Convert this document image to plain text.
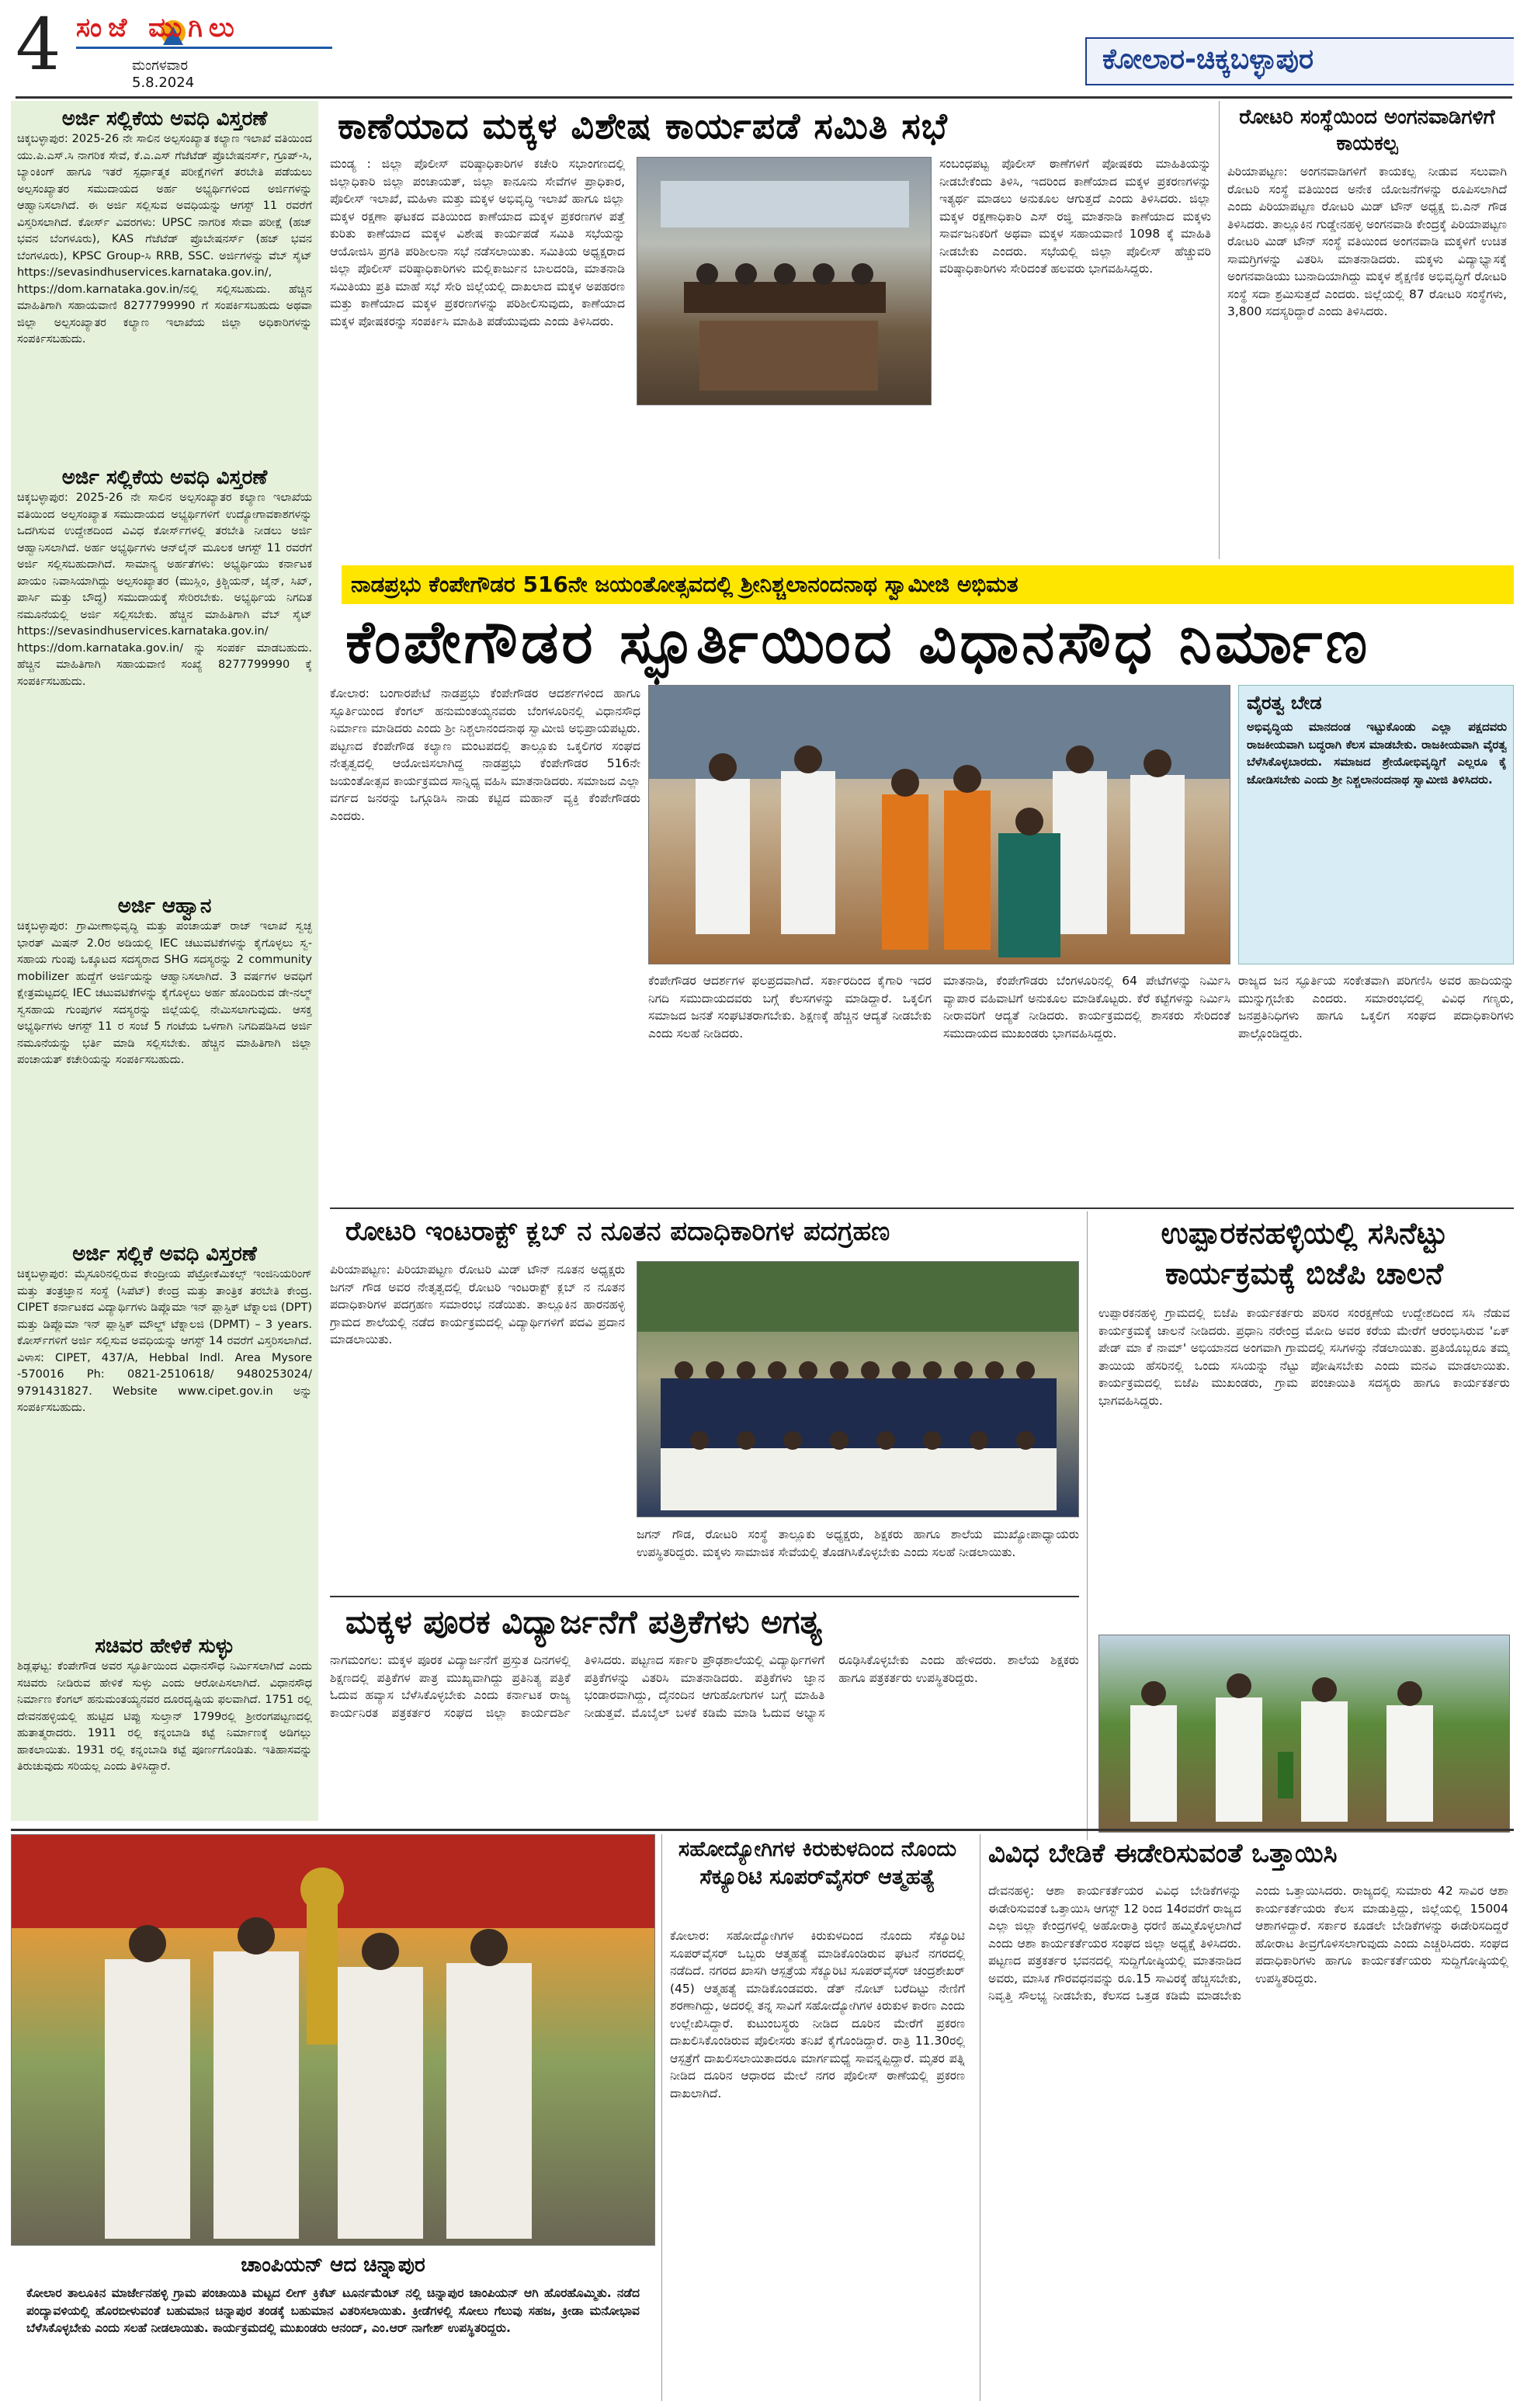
4 ಸಂಜೆ ಮುಗಿಲು
ಮಂಗಳವಾರ
5.8.2024
ಕೋಲಾರ-ಚಿಕ್ಕಬಳ್ಳಾಪುರ
ಅರ್ಜಿ ಸಲ್ಲಿಕೆಯ ಅವಧಿ ವಿಸ್ತರಣೆ
ಚಿಕ್ಕಬಳ್ಳಾಪುರ: 2025-26 ನೇ ಸಾಲಿನ ಅಲ್ಪಸಂಖ್ಯಾತ ಕಲ್ಯಾಣ ಇಲಾಖೆ ವತಿಯಿಂದ ಯು.ಪಿ.ಎಸ್.ಸಿ ನಾಗರಿಕ ಸೇವೆ, ಕೆ.ಎ.ಎಸ್ ಗೆಜೆಟೆಡ್ ಪ್ರೊಬೇಷನರ್ಸ್, ಗ್ರೂಪ್-ಸಿ, ಬ್ಯಾಂಕಿಂಗ್ ಹಾಗೂ ಇತರೆ ಸ್ಪರ್ಧಾತ್ಮಕ ಪರೀಕ್ಷೆಗಳಿಗೆ ತರಬೇತಿ ಪಡೆಯಲು ಅಲ್ಪಸಂಖ್ಯಾತರ ಸಮುದಾಯದ ಅರ್ಹ ಅಭ್ಯರ್ಥಿಗಳಿಂದ ಅರ್ಜಿಗಳನ್ನು ಆಹ್ವಾನಿಸಲಾಗಿದೆ. ಈ ಅರ್ಜಿ ಸಲ್ಲಿಸುವ ಅವಧಿಯನ್ನು ಆಗಸ್ಟ್ 11 ರವರೆಗೆ ವಿಸ್ತರಿಸಲಾಗಿದೆ. ಕೋರ್ಸ್ ವಿವರಗಳು: UPSC ನಾಗರಿಕ ಸೇವಾ ಪರೀಕ್ಷೆ (ಹಜ್ ಭವನ ಬೆಂಗಳೂರು), KAS ಗೆಜೆಟೆಡ್ ಪ್ರೊಬೇಷನರ್ಸ್ (ಹಜ್ ಭವನ ಬೆಂಗಳೂರು), KPSC Group-ಸಿ RRB, SSC. ಅರ್ಜಿಗಳನ್ನು ವೆಬ್ ಸೈಟ್ https://sevasindhuservices.karnataka.gov.in/, https://dom.karnataka.gov.in/ನಲ್ಲಿ ಸಲ್ಲಿಸಬಹುದು. ಹೆಚ್ಚಿನ ಮಾಹಿತಿಗಾಗಿ ಸಹಾಯವಾಣಿ 8277799990 ಗೆ ಸಂಪರ್ಕಿಸಬಹುದು ಅಥವಾ ಜಿಲ್ಲಾ ಅಲ್ಪಸಂಖ್ಯಾತರ ಕಲ್ಯಾಣ ಇಲಾಖೆಯ ಜಿಲ್ಲಾ ಅಧಿಕಾರಿಗಳನ್ನು ಸಂಪರ್ಕಿಸಬಹುದು.
ಅರ್ಜಿ ಸಲ್ಲಿಕೆಯ ಅವಧಿ ವಿಸ್ತರಣೆ
ಚಿಕ್ಕಬಳ್ಳಾಪುರ: 2025-26 ನೇ ಸಾಲಿನ ಅಲ್ಪಸಂಖ್ಯಾತರ ಕಲ್ಯಾಣ ಇಲಾಖೆಯ ವತಿಯಿಂದ ಅಲ್ಪಸಂಖ್ಯಾತ ಸಮುದಾಯದ ಅಭ್ಯರ್ಥಿಗಳಿಗೆ ಉದ್ಯೋಗಾವಕಾಶಗಳನ್ನು ಒದಗಿಸುವ ಉದ್ದೇಶದಿಂದ ವಿವಿಧ ಕೋರ್ಸ್‌ಗಳಲ್ಲಿ ತರಬೇತಿ ನೀಡಲು ಅರ್ಜಿ ಆಹ್ವಾನಿಸಲಾಗಿದೆ. ಅರ್ಹ ಅಭ್ಯರ್ಥಿಗಳು ಆನ್‌ಲೈನ್ ಮೂಲಕ ಆಗಸ್ಟ್ 11 ರವರೆಗೆ ಅರ್ಜಿ ಸಲ್ಲಿಸಬಹುದಾಗಿದೆ. ಸಾಮಾನ್ಯ ಅರ್ಹತೆಗಳು: ಅಭ್ಯರ್ಥಿಯು ಕರ್ನಾಟಕ ಖಾಯಂ ನಿವಾಸಿಯಾಗಿದ್ದು ಅಲ್ಪಸಂಖ್ಯಾತರ (ಮುಸ್ಲಿಂ, ಕ್ರಿಶ್ಚಿಯನ್, ಜೈನ್, ಸಿಖ್, ಪಾರ್ಸಿ ಮತ್ತು ಬೌದ್ಧ) ಸಮುದಾಯಕ್ಕೆ ಸೇರಿರಬೇಕು. ಅಭ್ಯರ್ಥಿಯ ನಿಗದಿತ ನಮೂನೆಯಲ್ಲಿ ಅರ್ಜಿ ಸಲ್ಲಿಸಬೇಕು. ಹೆಚ್ಚಿನ ಮಾಹಿತಿಗಾಗಿ ವೆಬ್ ಸೈಟ್ https://sevasindhuservices.karnataka.gov.in/ https://dom.karnataka.gov.in/ ನ್ನು ಸಂಪರ್ಕ ಮಾಡಬಹುದು. ಹೆಚ್ಚಿನ ಮಾಹಿತಿಗಾಗಿ ಸಹಾಯವಾಣಿ ಸಂಖ್ಯೆ 8277799990 ಕ್ಕೆ ಸಂಪರ್ಕಿಸಬಹುದು.
ಅರ್ಜಿ ಆಹ್ವಾನ
ಚಿಕ್ಕಬಳ್ಳಾಪುರ: ಗ್ರಾಮೀಣಾಭಿವೃದ್ಧಿ ಮತ್ತು ಪಂಚಾಯತ್ ರಾಜ್ ಇಲಾಖೆ ಸ್ವಚ್ಛ ಭಾರತ್ ಮಿಷನ್ 2.0ರ ಅಡಿಯಲ್ಲಿ IEC ಚಟುವಟಿಕೆಗಳನ್ನು ಕೈಗೊಳ್ಳಲು ಸ್ವ-ಸಹಾಯ ಗುಂಪು ಒಕ್ಕೂಟದ ಸದಸ್ಯರಾದ SHG ಸದಸ್ಯರನ್ನು 2 community mobilizer ಹುದ್ದೆಗೆ ಅರ್ಜಿಯನ್ನು ಆಹ್ವಾನಿಸಲಾಗಿದೆ. 3 ವರ್ಷಗಳ ಅವಧಿಗೆ ಕ್ಷೇತ್ರಮಟ್ಟದಲ್ಲಿ IEC ಚಟುವಟಿಕೆಗಳನ್ನು ಕೈಗೊಳ್ಳಲು ಅರ್ಹ ಹೊಂದಿರುವ ಡೇ-ನಲ್ಮ್ ಸ್ವಸಹಾಯ ಗುಂಪುಗಳ ಸದಸ್ಯರನ್ನು ಜಿಲ್ಲೆಯಲ್ಲಿ ನೇಮಿಸಲಾಗುವುದು. ಆಸಕ್ತ ಅಭ್ಯರ್ಥಿಗಳು ಆಗಸ್ಟ್ 11 ರ ಸಂಜೆ 5 ಗಂಟೆಯ ಒಳಗಾಗಿ ನಿಗದಿಪಡಿಸಿದ ಅರ್ಜಿ ನಮೂನೆಯನ್ನು ಭರ್ತಿ ಮಾಡಿ ಸಲ್ಲಿಸಬೇಕು. ಹೆಚ್ಚಿನ ಮಾಹಿತಿಗಾಗಿ ಜಿಲ್ಲಾ ಪಂಚಾಯತ್ ಕಚೇರಿಯನ್ನು ಸಂಪರ್ಕಿಸಬಹುದು.
ಅರ್ಜಿ ಸಲ್ಲಿಕೆ ಅವಧಿ ವಿಸ್ತರಣೆ
ಚಿಕ್ಕಬಳ್ಳಾಪುರ: ಮೈಸೂರಿನಲ್ಲಿರುವ ಕೇಂದ್ರೀಯ ಪೆಟ್ರೋಕೆಮಿಕಲ್ಸ್ ಇಂಜಿನಿಯರಿಂಗ್ ಮತ್ತು ತಂತ್ರಜ್ಞಾನ ಸಂಸ್ಥೆ (ಸಿಪೆಟ್) ಕೇಂದ್ರ ಮತ್ತು ತಾಂತ್ರಿಕ ತರಬೇತಿ ಕೇಂದ್ರ. CIPET ಕರ್ನಾಟಕದ ವಿದ್ಯಾರ್ಥಿಗಳು ಡಿಪ್ಲೊಮಾ ಇನ್ ಪ್ಲಾಸ್ಟಿಕ್ ಟೆಕ್ನಾಲಜಿ (DPT) ಮತ್ತು ಡಿಪ್ಲೊಮಾ ಇನ್ ಪ್ಲಾಸ್ಟಿಕ್ ಮೌಲ್ಡ್ ಟೆಕ್ನಾಲಜಿ (DPMT) – 3 years. ಕೋರ್ಸ್‌ಗಳಿಗೆ ಅರ್ಜಿ ಸಲ್ಲಿಸುವ ಅವಧಿಯನ್ನು ಆಗಸ್ಟ್ 14 ರವರೆಗೆ ವಿಸ್ತರಿಸಲಾಗಿದೆ. ವಿಳಾಸ: CIPET, 437/A, Hebbal Indl. Area Mysore -570016 Ph: 0821-2510618/ 9480253024/ 9791431827. Website www.cipet.gov.in ಅನ್ನು ಸಂಪರ್ಕಿಸಬಹುದು.
ಸಚಿವರ ಹೇಳಿಕೆ ಸುಳ್ಳು
ಶಿಡ್ಲಘಟ್ಟ: ಕೆಂಪೇಗೌಡ ಅವರ ಸ್ಫೂರ್ತಿಯಿಂದ ವಿಧಾನಸೌಧ ನಿರ್ಮಿಸಲಾಗಿದೆ ಎಂದು ಸಚಿವರು ನೀಡಿರುವ ಹೇಳಿಕೆ ಸುಳ್ಳು ಎಂದು ಆರೋಪಿಸಲಾಗಿದೆ. ವಿಧಾನಸೌಧ ನಿರ್ಮಾಣ ಕೆಂಗಲ್ ಹನುಮಂತಯ್ಯನವರ ದೂರದೃಷ್ಟಿಯ ಫಲವಾಗಿದೆ. 1751 ರಲ್ಲಿ ದೇವನಹಳ್ಳಿಯಲ್ಲಿ ಹುಟ್ಟಿದ ಟಿಪ್ಪು ಸುಲ್ತಾನ್ 1799ರಲ್ಲಿ ಶ್ರೀರಂಗಪಟ್ಟಣದಲ್ಲಿ ಹುತಾತ್ಮರಾದರು. 1911 ರಲ್ಲಿ ಕನ್ನಂಬಾಡಿ ಕಟ್ಟೆ ನಿರ್ಮಾಣಕ್ಕೆ ಅಡಿಗಲ್ಲು ಹಾಕಲಾಯಿತು. 1931 ರಲ್ಲಿ ಕನ್ನಂಬಾಡಿ ಕಟ್ಟೆ ಪೂರ್ಣಗೊಂಡಿತು. ಇತಿಹಾಸವನ್ನು ತಿರುಚುವುದು ಸರಿಯಲ್ಲ ಎಂದು ತಿಳಿಸಿದ್ದಾರೆ.
ಕಾಣೆಯಾದ ಮಕ್ಕಳ ವಿಶೇಷ ಕಾರ್ಯಪಡೆ ಸಮಿತಿ ಸಭೆ
ಮಂಡ್ಯ : ಜಿಲ್ಲಾ ಪೊಲೀಸ್ ವರಿಷ್ಠಾಧಿಕಾರಿಗಳ ಕಚೇರಿ ಸಭಾಂಗಣದಲ್ಲಿ ಜಿಲ್ಲಾಧಿಕಾರಿ ಜಿಲ್ಲಾ ಪಂಚಾಯತ್, ಜಿಲ್ಲಾ ಕಾನೂನು ಸೇವೆಗಳ ಪ್ರಾಧಿಕಾರ, ಪೊಲೀಸ್ ಇಲಾಖೆ, ಮಹಿಳಾ ಮತ್ತು ಮಕ್ಕಳ ಅಭಿವೃದ್ಧಿ ಇಲಾಖೆ ಹಾಗೂ ಜಿಲ್ಲಾ ಮಕ್ಕಳ ರಕ್ಷಣಾ ಘಟಕದ ವತಿಯಿಂದ ಕಾಣೆಯಾದ ಮಕ್ಕಳ ಪ್ರಕರಣಗಳ ಪತ್ತೆ ಕುರಿತು ಕಾಣೆಯಾದ ಮಕ್ಕಳ ವಿಶೇಷ ಕಾರ್ಯಪಡೆ ಸಮಿತಿ ಸಭೆಯನ್ನು ಆಯೋಜಿಸಿ ಪ್ರಗತಿ ಪರಿಶೀಲನಾ ಸಭೆ ನಡೆಸಲಾಯಿತು. ಸಮಿತಿಯ ಅಧ್ಯಕ್ಷರಾದ ಜಿಲ್ಲಾ ಪೊಲೀಸ್ ವರಿಷ್ಠಾಧಿಕಾರಿಗಳು ಮಲ್ಲಿಕಾರ್ಜುನ ಬಾಲದಂಡಿ, ಮಾತನಾಡಿ ಸಮಿತಿಯು ಪ್ರತಿ ಮಾಹೆ ಸಭೆ ಸೇರಿ ಜಿಲ್ಲೆಯಲ್ಲಿ ದಾಖಲಾದ ಮಕ್ಕಳ ಅಪಹರಣ ಮತ್ತು ಕಾಣೆಯಾದ ಮಕ್ಕಳ ಪ್ರಕರಣಗಳನ್ನು ಪರಿಶೀಲಿಸುವುದು, ಕಾಣೆಯಾದ ಮಕ್ಕಳ ಪೋಷಕರನ್ನು ಸಂಪರ್ಕಿಸಿ ಮಾಹಿತಿ ಪಡೆಯುವುದು ಎಂದು ತಿಳಿಸಿದರು.
ಸಂಬಂಧಪಟ್ಟ ಪೊಲೀಸ್ ಠಾಣೆಗಳಿಗೆ ಪೋಷಕರು ಮಾಹಿತಿಯನ್ನು ನೀಡಬೇಕೆಂದು ತಿಳಿಸಿ, ಇದರಿಂದ ಕಾಣೆಯಾದ ಮಕ್ಕಳ ಪ್ರಕರಣಗಳನ್ನು ಇತ್ಯರ್ಥ ಮಾಡಲು ಅನುಕೂಲ ಆಗುತ್ತದೆ ಎಂದು ತಿಳಿಸಿದರು. ಜಿಲ್ಲಾ ಮಕ್ಕಳ ರಕ್ಷಣಾಧಿಕಾರಿ ಎಸ್ ರಜ್ಞಿ ಮಾತನಾಡಿ ಕಾಣೆಯಾದ ಮಕ್ಕಳು ಸಾರ್ವಜನಿಕರಿಗೆ ಅಥವಾ ಮಕ್ಕಳ ಸಹಾಯವಾಣಿ 1098 ಕ್ಕೆ ಮಾಹಿತಿ ನೀಡಬೇಕು ಎಂದರು. ಸಭೆಯಲ್ಲಿ ಜಿಲ್ಲಾ ಪೊಲೀಸ್ ಹೆಚ್ಚುವರಿ ವರಿಷ್ಠಾಧಿಕಾರಿಗಳು ಸೇರಿದಂತೆ ಹಲವರು ಭಾಗವಹಿಸಿದ್ದರು.
ರೋಟರಿ ಸಂಸ್ಥೆಯಿಂದ ಅಂಗನವಾಡಿಗಳಿಗೆ ಕಾಯಕಲ್ಪ
ಪಿರಿಯಾಪಟ್ಟಣ: ಅಂಗನವಾಡಿಗಳಿಗೆ ಕಾಯಕಲ್ಪ ನೀಡುವ ಸಲುವಾಗಿ ರೋಟರಿ ಸಂಸ್ಥೆ ವತಿಯಿಂದ ಅನೇಕ ಯೋಜನೆಗಳನ್ನು ರೂಪಿಸಲಾಗಿದೆ ಎಂದು ಪಿರಿಯಾಪಟ್ಟಣ ರೋಟರಿ ಮಿಡ್ ಟೌನ್ ಅಧ್ಯಕ್ಷ ಬಿ.ಎನ್ ಗೌಡ ತಿಳಿಸಿದರು. ತಾಲ್ಲೂಕಿನ ಗುಡ್ಡೇನಹಳ್ಳಿ ಅಂಗನವಾಡಿ ಕೇಂದ್ರಕ್ಕೆ ಪಿರಿಯಾಪಟ್ಟಣ ರೋಟರಿ ಮಿಡ್ ಟೌನ್ ಸಂಸ್ಥೆ ವತಿಯಿಂದ ಅಂಗನವಾಡಿ ಮಕ್ಕಳಿಗೆ ಉಚಿತ ಸಾಮಗ್ರಿಗಳನ್ನು ವಿತರಿಸಿ ಮಾತನಾಡಿದರು. ಮಕ್ಕಳು ವಿದ್ಯಾಭ್ಯಾಸಕ್ಕೆ ಅಂಗನವಾಡಿಯು ಬುನಾದಿಯಾಗಿದ್ದು ಮಕ್ಕಳ ಶೈಕ್ಷಣಿಕ ಅಭಿವೃದ್ಧಿಗೆ ರೋಟರಿ ಸಂಸ್ಥೆ ಸದಾ ಶ್ರಮಿಸುತ್ತದೆ ಎಂದರು. ಜಿಲ್ಲೆಯಲ್ಲಿ 87 ರೋಟರಿ ಸಂಸ್ಥೆಗಳು, 3,800 ಸದಸ್ಯರಿದ್ದಾರೆ ಎಂದು ತಿಳಿಸಿದರು.
ನಾಡಪ್ರಭು ಕೆಂಪೇಗೌಡರ 516ನೇ ಜಯಂತೋತ್ಸವದಲ್ಲಿ ಶ್ರೀನಿಶ್ಚಲಾನಂದನಾಥ ಸ್ವಾಮೀಜಿ ಅಭಿಮತ
ಕೆಂಪೇಗೌಡರ ಸ್ಫೂರ್ತಿಯಿಂದ ವಿಧಾನಸೌಧ ನಿರ್ಮಾಣ
ಕೋಲಾರ: ಬಂಗಾರಪೇಟೆ ನಾಡಪ್ರಭು ಕೆಂಪೇಗೌಡರ ಆದರ್ಶಗಳಿಂದ ಹಾಗೂ ಸ್ಫೂರ್ತಿಯಿಂದ ಕೆಂಗಲ್ ಹನುಮಂತಯ್ಯನವರು ಬೆಂಗಳೂರಿನಲ್ಲಿ ವಿಧಾನಸೌಧ ನಿರ್ಮಾಣ ಮಾಡಿದರು ಎಂದು ಶ್ರೀ ನಿಶ್ಚಲಾನಂದನಾಥ ಸ್ವಾಮೀಜಿ ಅಭಿಪ್ರಾಯಪಟ್ಟರು. ಪಟ್ಟಣದ ಕೆಂಪೇಗೌಡ ಕಲ್ಯಾಣ ಮಂಟಪದಲ್ಲಿ ತಾಲ್ಲೂಕು ಒಕ್ಕಲಿಗರ ಸಂಘದ ನೇತೃತ್ವದಲ್ಲಿ ಆಯೋಜಿಸಲಾಗಿದ್ದ ನಾಡಪ್ರಭು ಕೆಂಪೇಗೌಡರ 516ನೇ ಜಯಂತೋತ್ಸವ ಕಾರ್ಯಕ್ರಮದ ಸಾನ್ನಿಧ್ಯ ವಹಿಸಿ ಮಾತನಾಡಿದರು. ಸಮಾಜದ ಎಲ್ಲಾ ವರ್ಗದ ಜನರನ್ನು ಒಗ್ಗೂಡಿಸಿ ನಾಡು ಕಟ್ಟಿದ ಮಹಾನ್ ವ್ಯಕ್ತಿ ಕೆಂಪೇಗೌಡರು ಎಂದರು.
ವೈರತ್ವ ಬೇಡ
ಅಭಿವೃದ್ಧಿಯ ಮಾನದಂಡ ಇಟ್ಟುಕೊಂಡು ಎಲ್ಲಾ ಪಕ್ಷದವರು ರಾಜಕೀಯವಾಗಿ ಬದ್ಧರಾಗಿ ಕೆಲಸ ಮಾಡಬೇಕು. ರಾಜಕೀಯವಾಗಿ ವೈರತ್ವ ಬೆಳೆಸಿಕೊಳ್ಳಬಾರದು. ಸಮಾಜದ ಶ್ರೇಯೋಭಿವೃದ್ಧಿಗೆ ಎಲ್ಲರೂ ಕೈ ಜೋಡಿಸಬೇಕು ಎಂದು ಶ್ರೀ ನಿಶ್ಚಲಾನಂದನಾಥ ಸ್ವಾಮೀಜಿ ತಿಳಿಸಿದರು.
ಕೆಂಪೇಗೌಡರ ಆದರ್ಶಗಳ ಫಲಪ್ರದವಾಗಿದೆ. ಸರ್ಕಾರದಿಂದ ಕೈಗಾರಿ ಇದರ ನಿಗದಿ ಸಮುದಾಯದವರು ಬಗ್ಗೆ ಕೆಲಸಗಳನ್ನು ಮಾಡಿದ್ದಾರೆ. ಒಕ್ಕಲಿಗ ಸಮಾಜದ ಜನತೆ ಸಂಘಟಿತರಾಗಬೇಕು. ಶಿಕ್ಷಣಕ್ಕೆ ಹೆಚ್ಚಿನ ಆದ್ಯತೆ ನೀಡಬೇಕು ಎಂದು ಸಲಹೆ ನೀಡಿದರು.
ಮಾತನಾಡಿ, ಕೆಂಪೇಗೌಡರು ಬೆಂಗಳೂರಿನಲ್ಲಿ 64 ಪೇಟೆಗಳನ್ನು ನಿರ್ಮಿಸಿ ವ್ಯಾಪಾರ ವಹಿವಾಟಿಗೆ ಅನುಕೂಲ ಮಾಡಿಕೊಟ್ಟರು. ಕೆರೆ ಕಟ್ಟೆಗಳನ್ನು ನಿರ್ಮಿಸಿ ನೀರಾವರಿಗೆ ಆದ್ಯತೆ ನೀಡಿದರು. ಕಾರ್ಯಕ್ರಮದಲ್ಲಿ ಶಾಸಕರು ಸೇರಿದಂತೆ ಸಮುದಾಯದ ಮುಖಂಡರು ಭಾಗವಹಿಸಿದ್ದರು.
ರಾಜ್ಯದ ಜನ ಸ್ಫೂರ್ತಿಯ ಸಂಕೇತವಾಗಿ ಪರಿಗಣಿಸಿ ಅವರ ಹಾದಿಯನ್ನು ಮುನ್ನುಗ್ಗಬೇಕು ಎಂದರು. ಸಮಾರಂಭದಲ್ಲಿ ವಿವಿಧ ಗಣ್ಯರು, ಜನಪ್ರತಿನಿಧಿಗಳು ಹಾಗೂ ಒಕ್ಕಲಿಗ ಸಂಘದ ಪದಾಧಿಕಾರಿಗಳು ಪಾಲ್ಗೊಂಡಿದ್ದರು.
ರೋಟರಿ ಇಂಟರಾಕ್ಟ್ ಕ್ಲಬ್ ನ ನೂತನ ಪದಾಧಿಕಾರಿಗಳ ಪದಗ್ರಹಣ
ಪಿರಿಯಾಪಟ್ಟಣ: ಪಿರಿಯಾಪಟ್ಟಣ ರೋಟರಿ ಮಿಡ್ ಟೌನ್ ನೂತನ ಅಧ್ಯಕ್ಷರು ಜಗನ್ ಗೌಡ ಅವರ ನೇತೃತ್ವದಲ್ಲಿ ರೋಟರಿ ಇಂಟರಾಕ್ಟ್ ಕ್ಲಬ್ ನ ನೂತನ ಪದಾಧಿಕಾರಿಗಳ ಪದಗ್ರಹಣ ಸಮಾರಂಭ ನಡೆಯಿತು. ತಾಲ್ಲೂಕಿನ ಹಾರನಹಳ್ಳಿ ಗ್ರಾಮದ ಶಾಲೆಯಲ್ಲಿ ನಡೆದ ಕಾರ್ಯಕ್ರಮದಲ್ಲಿ ವಿದ್ಯಾರ್ಥಿಗಳಿಗೆ ಪದವಿ ಪ್ರದಾನ ಮಾಡಲಾಯಿತು.
ಜಗನ್ ಗೌಡ, ರೋಟರಿ ಸಂಸ್ಥೆ ತಾಲ್ಲೂಕು ಅಧ್ಯಕ್ಷರು, ಶಿಕ್ಷಕರು ಹಾಗೂ ಶಾಲೆಯ ಮುಖ್ಯೋಪಾಧ್ಯಾಯರು ಉಪಸ್ಥಿತರಿದ್ದರು. ಮಕ್ಕಳು ಸಾಮಾಜಿಕ ಸೇವೆಯಲ್ಲಿ ತೊಡಗಿಸಿಕೊಳ್ಳಬೇಕು ಎಂದು ಸಲಹೆ ನೀಡಲಾಯಿತು.
ಉಪ್ಪಾರಕನಹಳ್ಳಿಯಲ್ಲಿ ಸಸಿನೆಟ್ಟು ಕಾರ್ಯಕ್ರಮಕ್ಕೆ ಬಿಜೆಪಿ ಚಾಲನೆ
ಉಪ್ಪಾರಕನಹಳ್ಳಿ ಗ್ರಾಮದಲ್ಲಿ ಬಿಜೆಪಿ ಕಾರ್ಯಕರ್ತರು ಪರಿಸರ ಸಂರಕ್ಷಣೆಯ ಉದ್ದೇಶದಿಂದ ಸಸಿ ನೆಡುವ ಕಾರ್ಯಕ್ರಮಕ್ಕೆ ಚಾಲನೆ ನೀಡಿದರು. ಪ್ರಧಾನಿ ನರೇಂದ್ರ ಮೋದಿ ಅವರ ಕರೆಯ ಮೇರೆಗೆ ಆರಂಭಿಸಿರುವ 'ಏಕ್ ಪೇಡ್ ಮಾ ಕೆ ನಾಮ್' ಅಭಿಯಾನದ ಅಂಗವಾಗಿ ಗ್ರಾಮದಲ್ಲಿ ಸಸಿಗಳನ್ನು ನೆಡಲಾಯಿತು. ಪ್ರತಿಯೊಬ್ಬರೂ ತಮ್ಮ ತಾಯಿಯ ಹೆಸರಿನಲ್ಲಿ ಒಂದು ಸಸಿಯನ್ನು ನೆಟ್ಟು ಪೋಷಿಸಬೇಕು ಎಂದು ಮನವಿ ಮಾಡಲಾಯಿತು. ಕಾರ್ಯಕ್ರಮದಲ್ಲಿ ಬಿಜೆಪಿ ಮುಖಂಡರು, ಗ್ರಾಮ ಪಂಚಾಯಿತಿ ಸದಸ್ಯರು ಹಾಗೂ ಕಾರ್ಯಕರ್ತರು ಭಾಗವಹಿಸಿದ್ದರು.
ಮಕ್ಕಳ ಪೂರಕ ವಿದ್ಯಾರ್ಜನೆಗೆ ಪತ್ರಿಕೆಗಳು ಅಗತ್ಯ
ನಾಗಮಂಗಲ: ಮಕ್ಕಳ ಪೂರಕ ವಿದ್ಯಾರ್ಜನೆಗೆ ಪ್ರಸ್ತುತ ದಿನಗಳಲ್ಲಿ ಶಿಕ್ಷಣದಲ್ಲಿ ಪತ್ರಿಕೆಗಳ ಪಾತ್ರ ಮುಖ್ಯವಾಗಿದ್ದು ಪ್ರತಿನಿತ್ಯ ಪತ್ರಿಕೆ ಓದುವ ಹವ್ಯಾಸ ಬೆಳೆಸಿಕೊಳ್ಳಬೇಕು ಎಂದು ಕರ್ನಾಟಕ ರಾಜ್ಯ ಕಾರ್ಯನಿರತ ಪತ್ರಕರ್ತರ ಸಂಘದ ಜಿಲ್ಲಾ ಕಾರ್ಯದರ್ಶಿ ತಿಳಿಸಿದರು. ಪಟ್ಟಣದ ಸರ್ಕಾರಿ ಪ್ರೌಢಶಾಲೆಯಲ್ಲಿ ವಿದ್ಯಾರ್ಥಿಗಳಿಗೆ ಪತ್ರಿಕೆಗಳನ್ನು ವಿತರಿಸಿ ಮಾತನಾಡಿದರು. ಪತ್ರಿಕೆಗಳು ಜ್ಞಾನ ಭಂಡಾರವಾಗಿದ್ದು, ದೈನಂದಿನ ಆಗುಹೋಗುಗಳ ಬಗ್ಗೆ ಮಾಹಿತಿ ನೀಡುತ್ತವೆ. ಮೊಬೈಲ್ ಬಳಕೆ ಕಡಿಮೆ ಮಾಡಿ ಓದುವ ಅಭ್ಯಾಸ ರೂಢಿಸಿಕೊಳ್ಳಬೇಕು ಎಂದು ಹೇಳಿದರು. ಶಾಲೆಯ ಶಿಕ್ಷಕರು ಹಾಗೂ ಪತ್ರಕರ್ತರು ಉಪಸ್ಥಿತರಿದ್ದರು.
ಚಾಂಪಿಯನ್ ಆದ ಚಿನ್ನಾಪುರ
ಕೋಲಾರ ತಾಲೂಕಿನ ಮಾರ್ಜೇನಹಳ್ಳಿ ಗ್ರಾಮ ಪಂಚಾಯಿತಿ ಮಟ್ಟದ ಲೀಗ್ ಕ್ರಿಕೆಟ್ ಟೂರ್ನಮೆಂಟ್ ನಲ್ಲಿ ಚಿನ್ನಾಪುರ ಚಾಂಪಿಯನ್ ಆಗಿ ಹೊರಹೊಮ್ಮಿತು. ನಡೆದ ಪಂದ್ಯಾವಳಿಯಲ್ಲಿ ಹೊರಬೀಳುವಂತೆ ಬಹುಮಾನ ಚಿನ್ನಾಪುರ ತಂಡಕ್ಕೆ ಬಹುಮಾನ ವಿತರಿಸಲಾಯಿತು. ಕ್ರೀಡೆಗಳಲ್ಲಿ ಸೋಲು ಗೆಲುವು ಸಹಜ, ಕ್ರೀಡಾ ಮನೋಭಾವ ಬೆಳೆಸಿಕೊಳ್ಳಬೇಕು ಎಂದು ಸಲಹೆ ನೀಡಲಾಯಿತು. ಕಾರ್ಯಕ್ರಮದಲ್ಲಿ ಮುಖಂಡರು ಆನಂದ್, ಎಂ.ಆರ್ ನಾಗೇಶ್ ಉಪಸ್ಥಿತರಿದ್ದರು.
ಸಹೋದ್ಯೋಗಿಗಳ ಕಿರುಕುಳದಿಂದ ನೊಂದು ಸೆಕ್ಯೂರಿಟಿ ಸೂಪರ್‌ವೈಸರ್ ಆತ್ಮಹತ್ಯೆ
ಕೋಲಾರ: ಸಹೋದ್ಯೋಗಿಗಳ ಕಿರುಕುಳದಿಂದ ನೊಂದು ಸೆಕ್ಯೂರಿಟಿ ಸೂಪರ್‌ವೈಸರ್ ಒಬ್ಬರು ಆತ್ಮಹತ್ಯೆ ಮಾಡಿಕೊಂಡಿರುವ ಘಟನೆ ನಗರದಲ್ಲಿ ನಡೆದಿದೆ. ನಗರದ ಖಾಸಗಿ ಆಸ್ಪತ್ರೆಯ ಸೆಕ್ಯೂರಿಟಿ ಸೂಪರ್‌ವೈಸರ್ ಚಂದ್ರಶೇಖರ್ (45) ಆತ್ಮಹತ್ಯೆ ಮಾಡಿಕೊಂಡವರು. ಡೆತ್ ನೋಟ್ ಬರೆದಿಟ್ಟು ನೇಣಿಗೆ ಶರಣಾಗಿದ್ದು, ಅದರಲ್ಲಿ ತನ್ನ ಸಾವಿಗೆ ಸಹೋದ್ಯೋಗಿಗಳ ಕಿರುಕುಳ ಕಾರಣ ಎಂದು ಉಲ್ಲೇಖಿಸಿದ್ದಾರೆ. ಕುಟುಂಬಸ್ಥರು ನೀಡಿದ ದೂರಿನ ಮೇರೆಗೆ ಪ್ರಕರಣ ದಾಖಲಿಸಿಕೊಂಡಿರುವ ಪೊಲೀಸರು ತನಿಖೆ ಕೈಗೊಂಡಿದ್ದಾರೆ. ರಾತ್ರಿ 11.30ರಲ್ಲಿ ಆಸ್ಪತ್ರೆಗೆ ದಾಖಲಿಸಲಾಯಿತಾದರೂ ಮಾರ್ಗಮಧ್ಯೆ ಸಾವನ್ನಪ್ಪಿದ್ದಾರೆ. ಮೃತರ ಪತ್ನಿ ನೀಡಿದ ದೂರಿನ ಆಧಾರದ ಮೇಲೆ ನಗರ ಪೊಲೀಸ್ ಠಾಣೆಯಲ್ಲಿ ಪ್ರಕರಣ ದಾಖಲಾಗಿದೆ.
ವಿವಿಧ ಬೇಡಿಕೆ ಈಡೇರಿಸುವಂತೆ ಒತ್ತಾಯಿಸಿ
ದೇವನಹಳ್ಳಿ: ಆಶಾ ಕಾರ್ಯಕರ್ತೆಯರ ವಿವಿಧ ಬೇಡಿಕೆಗಳನ್ನು ಈಡೇರಿಸುವಂತೆ ಒತ್ತಾಯಿಸಿ ಆಗಸ್ಟ್ 12 ರಿಂದ 14ರವರೆಗೆ ರಾಜ್ಯದ ಎಲ್ಲಾ ಜಿಲ್ಲಾ ಕೇಂದ್ರಗಳಲ್ಲಿ ಅಹೋರಾತ್ರಿ ಧರಣಿ ಹಮ್ಮಿಕೊಳ್ಳಲಾಗಿದೆ ಎಂದು ಆಶಾ ಕಾರ್ಯಕರ್ತೆಯರ ಸಂಘದ ಜಿಲ್ಲಾ ಅಧ್ಯಕ್ಷೆ ತಿಳಿಸಿದರು. ಪಟ್ಟಣದ ಪತ್ರಕರ್ತರ ಭವನದಲ್ಲಿ ಸುದ್ದಿಗೋಷ್ಠಿಯಲ್ಲಿ ಮಾತನಾಡಿದ ಅವರು, ಮಾಸಿಕ ಗೌರವಧನವನ್ನು ರೂ.15 ಸಾವಿರಕ್ಕೆ ಹೆಚ್ಚಿಸಬೇಕು, ನಿವೃತ್ತಿ ಸೌಲಭ್ಯ ನೀಡಬೇಕು, ಕೆಲಸದ ಒತ್ತಡ ಕಡಿಮೆ ಮಾಡಬೇಕು ಎಂದು ಒತ್ತಾಯಿಸಿದರು. ರಾಜ್ಯದಲ್ಲಿ ಸುಮಾರು 42 ಸಾವಿರ ಆಶಾ ಕಾರ್ಯಕರ್ತೆಯರು ಕೆಲಸ ಮಾಡುತ್ತಿದ್ದು, ಜಿಲ್ಲೆಯಲ್ಲಿ 15004 ಆಶಾಗಳಿದ್ದಾರೆ. ಸರ್ಕಾರ ಕೂಡಲೇ ಬೇಡಿಕೆಗಳನ್ನು ಈಡೇರಿಸದಿದ್ದರೆ ಹೋರಾಟ ತೀವ್ರಗೊಳಿಸಲಾಗುವುದು ಎಂದು ಎಚ್ಚರಿಸಿದರು. ಸಂಘದ ಪದಾಧಿಕಾರಿಗಳು ಹಾಗೂ ಕಾರ್ಯಕರ್ತೆಯರು ಸುದ್ದಿಗೋಷ್ಠಿಯಲ್ಲಿ ಉಪಸ್ಥಿತರಿದ್ದರು.
